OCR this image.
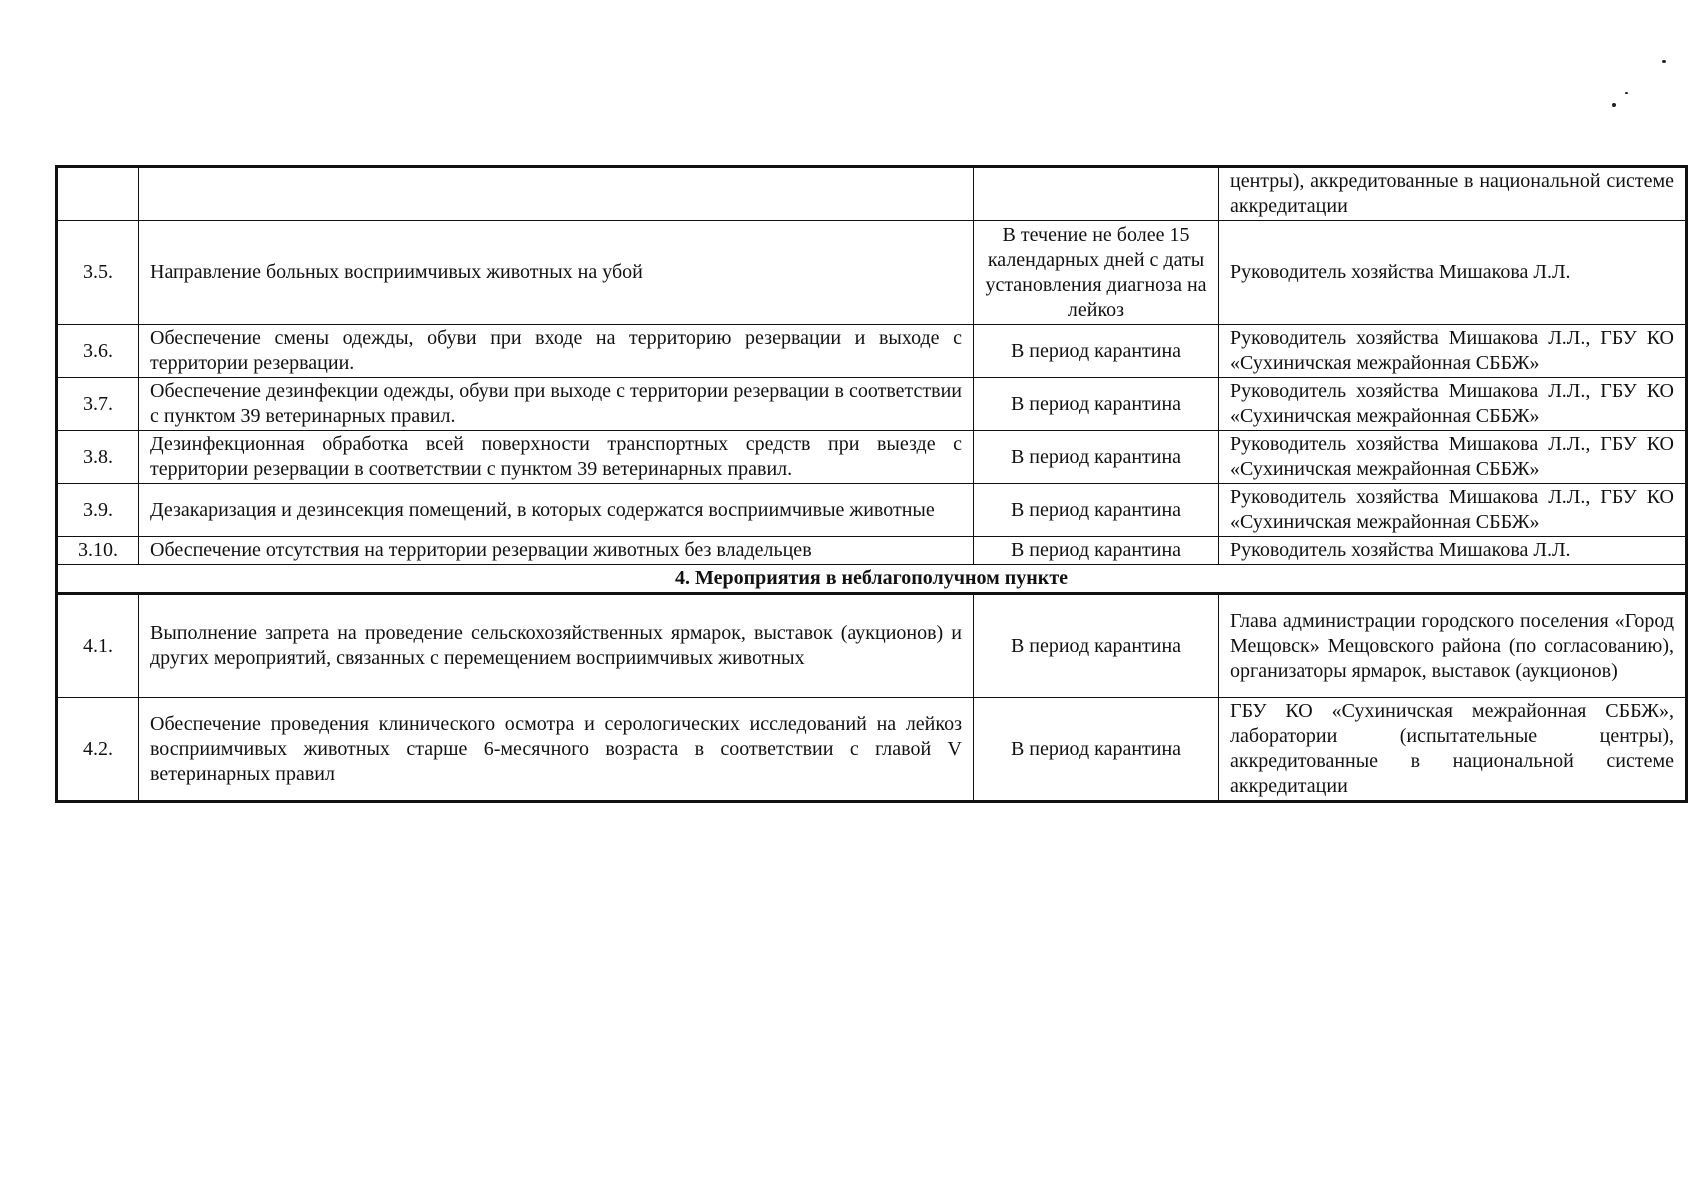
			центры), аккредитованные в национальной системе аккредитации
3.5.	Направление больных восприимчивых животных на убой	В течение не более 15 календарных дней с даты установления диагноза на лейкоз	Руководитель хозяйства Мишакова Л.Л.
3.6.	Обеспечение смены одежды, обуви при входе на территорию резервации и выходе с территории резервации.	В период карантина	Руководитель хозяйства Мишакова Л.Л., ГБУ КО «Сухиничская межрайонная СББЖ»
3.7.	Обеспечение дезинфекции одежды, обуви при выходе с территории резервации в соответствии с пунктом 39 ветеринарных правил.	В период карантина	Руководитель хозяйства Мишакова Л.Л., ГБУ КО «Сухиничская межрайонная СББЖ»
3.8.	Дезинфекционная обработка всей поверхности транспортных средств при выезде с территории резервации в соответствии с пунктом 39 ветеринарных правил.	В период карантина	Руководитель хозяйства Мишакова Л.Л., ГБУ КО «Сухиничская межрайонная СББЖ»
3.9.	Дезакаризация и дезинсекция помещений, в которых содержатся восприимчивые животные	В период карантина	Руководитель хозяйства Мишакова Л.Л., ГБУ КО «Сухиничская межрайонная СББЖ»
3.10.	Обеспечение отсутствия на территории резервации животных без владельцев	В период карантина	Руководитель хозяйства Мишакова Л.Л.
4. Мероприятия в неблагополучном пункте			
4.1.	Выполнение запрета на проведение сельскохозяйственных ярмарок, выставок (аукционов) и других мероприятий, связанных с перемещением восприимчивых животных	В период карантина	Глава администрации городского поселения «Город Мещовск» Мещовского района (по согласованию), организаторы ярмарок, выставок (аукционов)
4.2.	Обеспечение проведения клинического осмотра и серологических исследований на лейкоз восприимчивых животных старше 6-месячного возраста в соответствии с главой V ветеринарных правил	В период карантина	ГБУ КО «Сухиничская межрайонная СББЖ», лаборатории (испытательные центры), аккредитованные в национальной системе аккредитации
